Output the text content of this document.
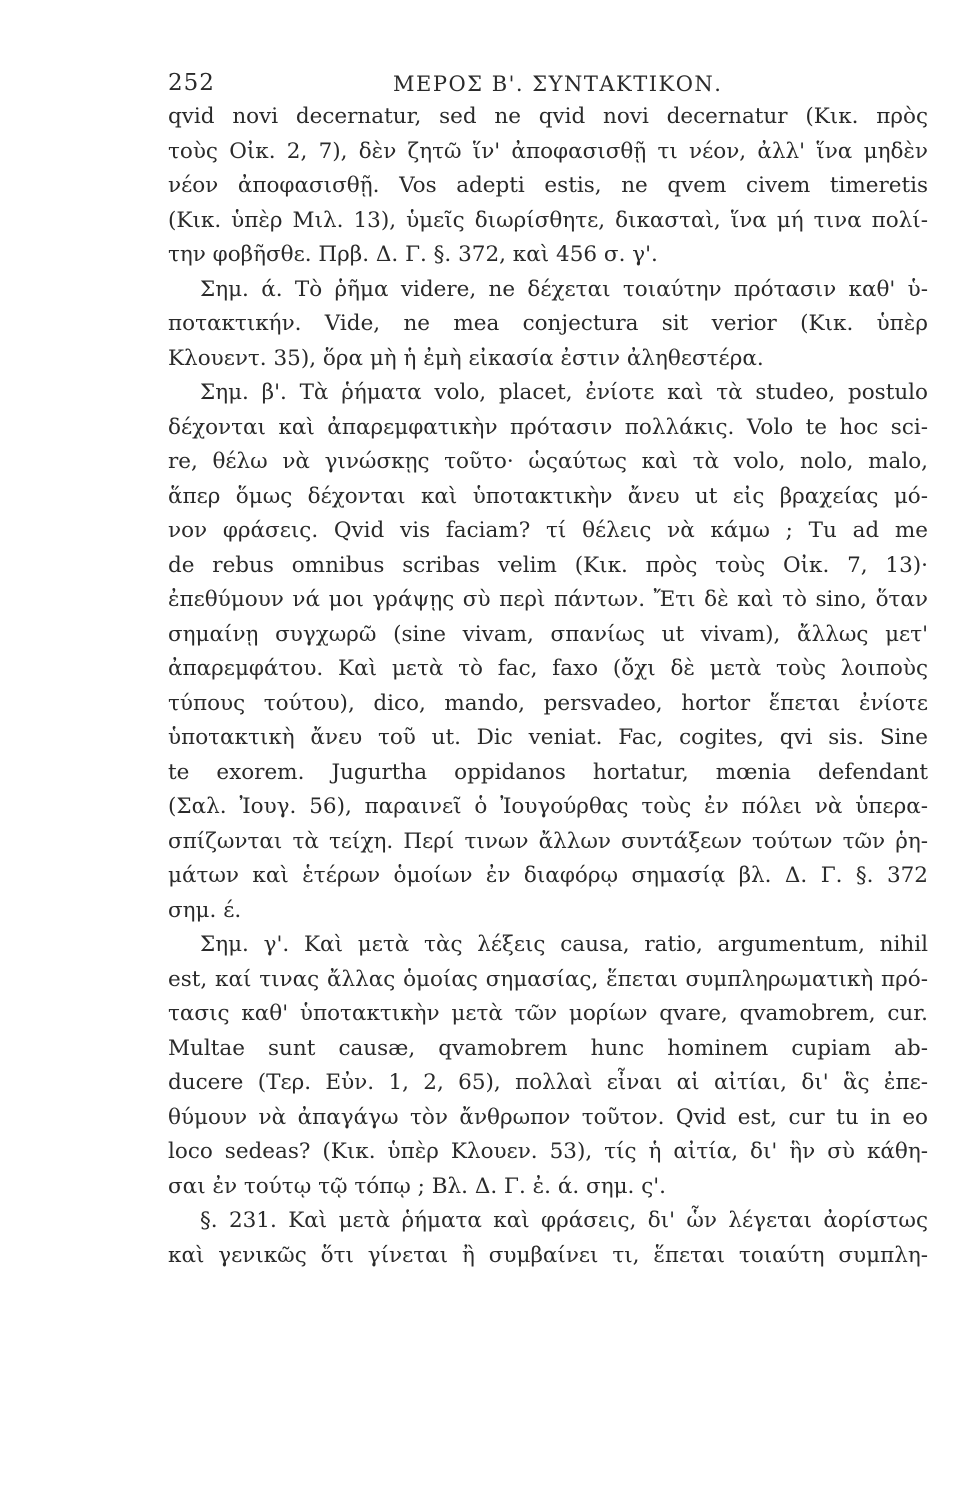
252	ΜΕΡΟΣ Β'. ΣΥΝΤΑΚΤΙΚΟΝ.
qvid novi decernatur, sed ne qvid novi decernatur (Κικ. πρὸς
τοὺς Οἰκ. 2, 7), δὲν ζητῶ ἵν' ἀποφασισθῇ τι νέον, ἀλλ' ἵνα μηδὲν
νέον ἀποφασισθῇ. Vos adepti estis, ne qvem civem timeretis
(Κικ. ὑπὲρ Μιλ. 13), ὑμεῖς διωρίσθητε, δικασταὶ, ἵνα μή τινα πολί-
την φοβῆσθε. Πρβ. Δ. Γ. §. 372, καὶ 456 σ. γ'.
Σημ. ά. Τὸ ῥῆμα videre, ne δέχεται τοιαύτην πρότασιν καθ' ὑ-
ποτακτικήν. Vide, ne mea conjectura sit verior (Κικ. ὑπὲρ
Κλουεντ. 35), ὅρα μὴ ἡ ἐμὴ εἰκασία ἐστιν ἀληθεστέρα.
Σημ. β'. Τὰ ῥήματα volo, placet, ἐνίοτε καὶ τὰ studeo, postulo
δέχονται καὶ ἀπαρεμφατικὴν πρότασιν πολλάκις. Volo te hoc sci-
re, θέλω νὰ γινώσκῃς τοῦτο· ὡςαύτως καὶ τὰ volo, nolo, malo,
ἅπερ ὅμως δέχονται καὶ ὑποτακτικὴν ἄνευ ut εἰς βραχείας μό-
νον φράσεις. Qvid vis faciam? τί θέλεις νὰ κάμω ; Tu ad me
de rebus omnibus scribas velim (Κικ. πρὸς τοὺς Οἰκ. 7, 13)·
ἐπεθύμουν νά μοι γράψῃς σὺ περὶ πάντων. Ἔτι δὲ καὶ τὸ sino, ὅταν
σημαίνῃ συγχωρῶ (sine vivam, σπανίως ut vivam), ἄλλως μετ'
ἀπαρεμφάτου. Καὶ μετὰ τὸ fac, faxo (ὄχι δὲ μετὰ τοὺς λοιποὺς
τύπους τούτου), dico, mando, persvadeo, hortor ἕπεται ἐνίοτε
ὑποτακτικὴ ἄνευ τοῦ ut. Dic veniat. Fac, cogites, qvi sis. Sine
te exorem. Jugurtha oppidanos hortatur, mœnia defendant
(Σαλ. Ἰουγ. 56), παραινεῖ ὁ Ἰουγούρθας τοὺς ἐν πόλει νὰ ὑπερα-
σπίζωνται τὰ τείχη. Περί τινων ἄλλων συντάξεων τούτων τῶν ῥη-
μάτων καὶ ἑτέρων ὁμοίων ἐν διαφόρῳ σημασίᾳ βλ. Δ. Γ. §. 372
σημ. έ.
Σημ. γ'. Καὶ μετὰ τὰς λέξεις causa, ratio, argumentum, nihil
est, καί τινας ἄλλας ὁμοίας σημασίας, ἕπεται συμπληρωματικὴ πρό-
τασις καθ' ὑποτακτικὴν μετὰ τῶν μορίων qvare, qvamobrem, cur.
Multae sunt causæ, qvamobrem hunc hominem cupiam ab-
ducere (Τερ. Εὐν. 1, 2, 65), πολλαὶ εἶναι αἱ αἰτίαι, δι' ἃς ἐπε-
θύμουν νὰ ἀπαγάγω τὸν ἄνθρωπον τοῦτον. Qvid est, cur tu in eo
loco sedeas? (Κικ. ὑπὲρ Κλουεν. 53), τίς ἡ αἰτία, δι' ἣν σὺ κάθη-
σαι ἐν τούτῳ τῷ τόπῳ ; Βλ. Δ. Γ. ἐ. ά. σημ. ς'.
§. 231. Καὶ μετὰ ῥήματα καὶ φράσεις, δι' ὧν λέγεται ἀορίστως
καὶ γενικῶς ὅτι γίνεται ἢ συμβαίνει τι, ἕπεται τοιαύτη συμπλη-
